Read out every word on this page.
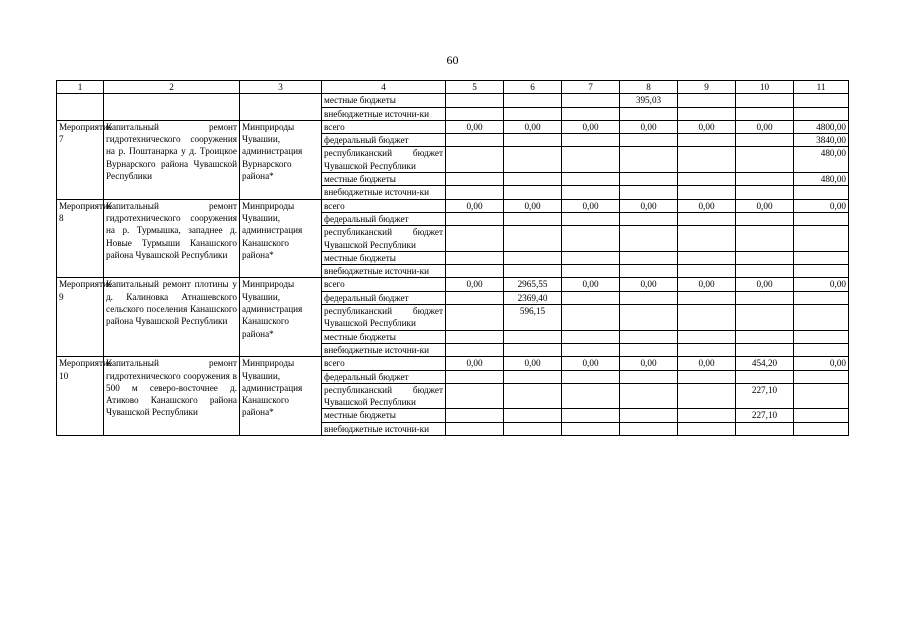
60
1	2	3	4	5	6	7	8	9	10	11
			местные бюджеты				395,03			
			внебюджетные источни-ки							
Мероприятие 7	Капитальный ремонт гидротехнического сооружения на р. Поштанарка у д. Троицкое Вурнарского района Чувашской Республики	Минприроды Чувашии, администрация Вурнарского района*	всего	0,00	0,00	0,00	0,00	0,00	0,00	4800,00
			федеральный бюджет							3840,00
			республиканский бюджет Чувашской Республики							480,00
			местные бюджеты							480,00
			внебюджетные источни-ки							
Мероприятие 8	Капитальный ремонт гидротехнического сооружения на р. Турмышка, западнее д. Новые Турмыши Канашского района Чувашской Республики	Минприроды Чувашии, администрация Канашского района*	всего	0,00	0,00	0,00	0,00	0,00	0,00	0,00
			федеральный бюджет							
			республиканский бюджет Чувашской Республики							
			местные бюджеты							
			внебюджетные источни-ки							
Мероприятие 9	Капитальный ремонт плотины у д. Калиновка Атнашевского сельского поселения Канашского района Чувашской Республики	Минприроды Чувашии, администрация Канашского района*	всего	0,00	2965,55	0,00	0,00	0,00	0,00	0,00
			федеральный бюджет		2369,40					
			республиканский бюджет Чувашской Республики		596,15					
			местные бюджеты							
			внебюджетные источни-ки							
Мероприятие 10	Капитальный ремонт гидротехнического сооружения в 500 м северо-восточнее д. Атиково Канашского района Чувашской Республики	Минприроды Чувашии, администрация Канашского района*	всего	0,00	0,00	0,00	0,00	0,00	454,20	0,00
			федеральный бюджет							
			республиканский бюджет Чувашской Республики						227,10	
			местные бюджеты						227,10	
			внебюджетные источни-ки							
